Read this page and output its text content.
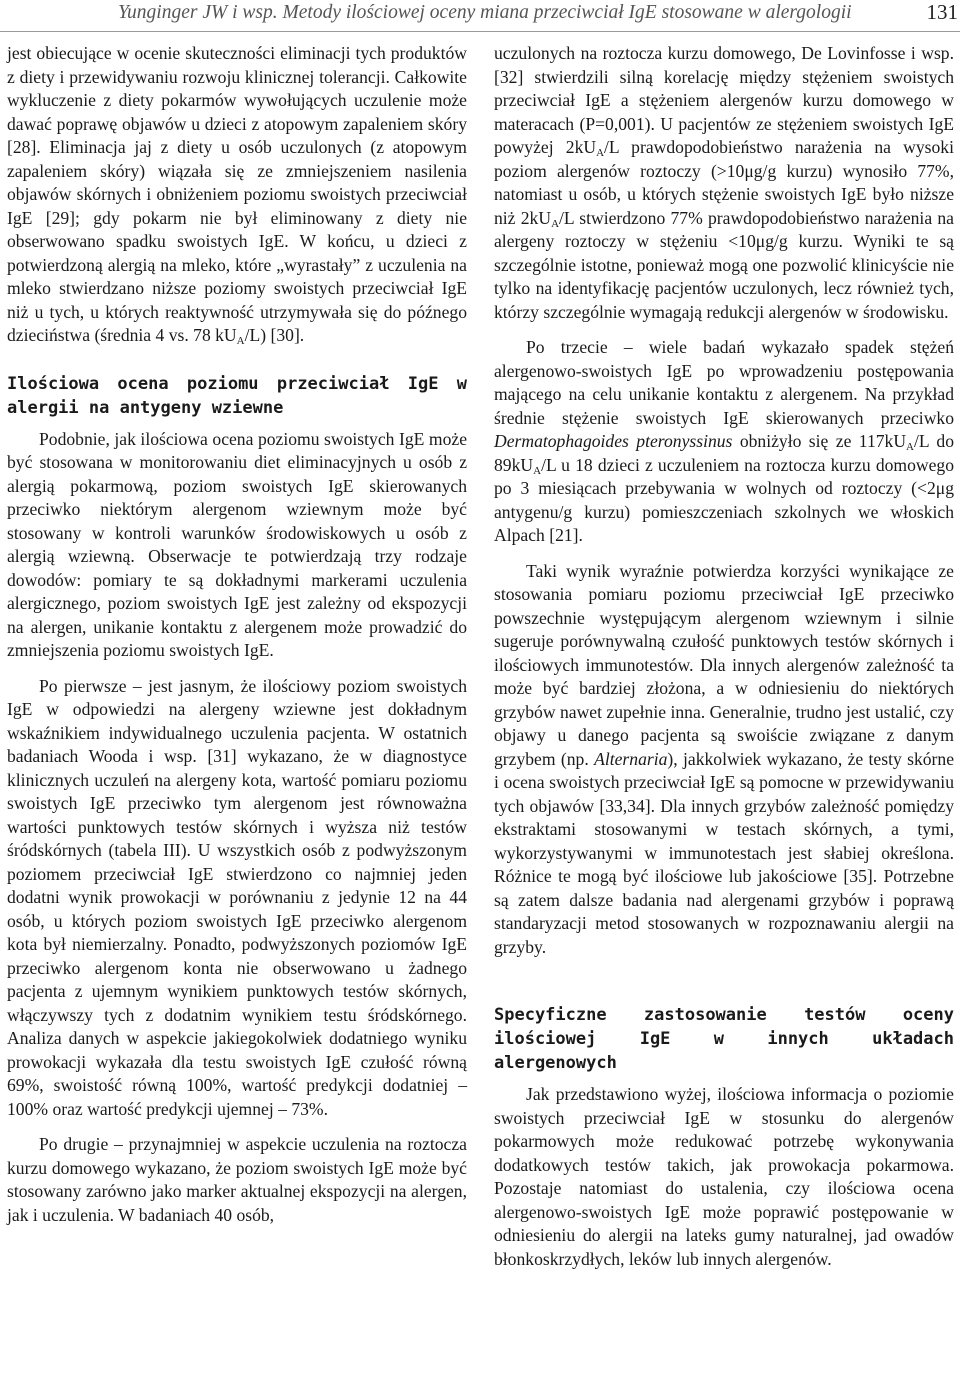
Yunginger JW i wsp. Metody ilościowej oceny miana przeciwciał IgE stosowane w alergologii	131

jest obiecujące w ocenie skuteczności eliminacji tych produktów z diety i przewidywaniu rozwoju klinicznej tolerancji. Całkowite wykluczenie z diety pokarmów wywołujących uczulenie może dawać poprawę objawów u dzieci z atopowym zapaleniem skóry [28]. Eliminacja jaj z diety u osób uczulonych (z atopowym zapaleniem skóry) wiązała się ze zmniejszeniem nasilenia objawów skórnych i obniżeniem poziomu swoistych przeciwciał IgE [29]; gdy pokarm nie był eliminowany z diety nie obserwowano spadku swoistych IgE. W końcu, u dzieci z potwierdzoną alergią na mleko, które „wyrastały” z uczulenia na mleko stwierdzano niższe poziomy swoistych przeciwciał IgE niż u tych, u których reaktywność utrzymywała się do późnego dzieciństwa (średnia 4 vs. 78 $kU_A/L$) [30].

Ilościowa ocena poziomu przeciwciał IgE w alergii na antygeny wziewne

Podobnie, jak ilościowa ocena poziomu swoistych IgE może być stosowana w monitorowaniu diet eliminacyjnych u osób z alergią pokarmową, poziom swoistych IgE skierowanych przeciwko niektórym alergenom wziewnym może być stosowany w kontroli warunków środowiskowych u osób z alergią wziewną. Obserwacje te potwierdzają trzy rodzaje dowodów: pomiary te są dokładnymi markerami uczulenia alergicznego, poziom swoistych IgE jest zależny od ekspozycji na alergen, unikanie kontaktu z alergenem może prowadzić do zmniejszenia poziomu swoistych IgE.

Po pierwsze – jest jasnym, że ilościowy poziom swoistych IgE w odpowiedzi na alergeny wziewne jest dokładnym wskaźnikiem indywidualnego uczulenia pacjenta. W ostatnich badaniach Wooda i wsp. [31] wykazano, że w diagnostyce klinicznych uczuleń na alergeny kota, wartość pomiaru poziomu swoistych IgE przeciwko tym alergenom jest równoważna wartości punktowych testów skórnych i wyższa niż testów śródskórnych (tabela III). U wszystkich osób z podwyższonym poziomem przeciwciał IgE stwierdzono co najmniej jeden dodatni wynik prowokacji w porównaniu z jedynie 12 na 44 osób, u których poziom swoistych IgE przeciwko alergenom kota był niemierzalny. Ponadto, podwyższonych poziomów IgE przeciwko alergenom konta nie obserwowano u żadnego pacjenta z ujemnym wynikiem punktowych testów skórnych, włączywszy tych z dodatnim wynikiem testu śródskórnego. Analiza danych w aspekcie jakiegokolwiek dodatniego wyniku prowokacji wykazała dla testu swoistych IgE czułość równą 69%, swoistość równą 100%, wartość predykcji dodatniej – 100% oraz wartość predykcji ujemnej – 73%.

Po drugie – przynajmniej w aspekcie uczulenia na roztocza kurzu domowego wykazano, że poziom swoistych IgE może być stosowany zarówno jako marker aktualnej ekspozycji na alergen, jak i uczulenia. W badaniach 40 osób,

uczulonych na roztocza kurzu domowego, De Lovinfosse i wsp. [32] stwierdzili silną korelację między stężeniem swoistych przeciwciał IgE a stężeniem alergenów kurzu domowego w materacach (P=0,001). U pacjentów ze stężeniem swoistych IgE powyżej $2kU_A/L$ prawdopodobieństwo narażenia na wysoki poziom alergenów roztoczy (>10μg/g kurzu) wynosiło 77%, natomiast u osób, u których stężenie swoistych IgE było niższe niż $2kU_A/L$ stwierdzono 77% prawdopodobieństwo narażenia na alergeny roztoczy w stężeniu <10μg/g kurzu. Wyniki te są szczególnie istotne, ponieważ mogą one pozwolić klinicyście nie tylko na identyfikację pacjentów uczulonych, lecz również tych, którzy szczególnie wymagają redukcji alergenów w środowisku.

Po trzecie – wiele badań wykazało spadek stężeń alergenowo-swoistych IgE po wprowadzeniu postępowania mającego na celu unikanie kontaktu z alergenem. Na przykład średnie stężenie swoistych IgE skierowanych przeciwko Dermatophagoides pteronyssinus obniżyło się ze $117kU_A/L$ do $89kU_A/L$ u 18 dzieci z uczuleniem na roztocza kurzu domowego po 3 miesiącach przebywania w wolnych od roztoczy (<2μg antygenu/g kurzu) pomieszczeniach szkolnych we włoskich Alpach [21].

Taki wynik wyraźnie potwierdza korzyści wynikające ze stosowania pomiaru poziomu przeciwciał IgE przeciwko powszechnie występującym alergenom wziewnym i silnie sugeruje porównywalną czułość punktowych testów skórnych i ilościowych immunotestów. Dla innych alergenów zależność ta może być bardziej złożona, a w odniesieniu do niektórych grzybów nawet zupełnie inna. Generalnie, trudno jest ustalić, czy objawy u danego pacjenta są swoiście związane z danym grzybem (np. Alternaria), jakkolwiek wykazano, że testy skórne i ocena swoistych przeciwciał IgE są pomocne w przewidywaniu tych objawów [33,34]. Dla innych grzybów zależność pomiędzy ekstraktami stosowanymi w testach skórnych, a tymi, wykorzystywanymi w immunotestach jest słabiej określona. Różnice te mogą być ilościowe lub jakościowe [35]. Potrzebne są zatem dalsze badania nad alergenami grzybów i poprawą standaryzacji metod stosowanych w rozpoznawaniu alergii na grzyby.

Specyficzne zastosowanie testów oceny ilościowej IgE w innych układach alergenowych

Jak przedstawiono wyżej, ilościowa informacja o poziomie swoistych przeciwciał IgE w stosunku do alergenów pokarmowych może redukować potrzebę wykonywania dodatkowych testów takich, jak prowokacja pokarmowa. Pozostaje natomiast do ustalenia, czy ilościowa ocena alergenowo-swoistych IgE może poprawić postępowanie w odniesieniu do alergii na lateks gumy naturalnej, jad owadów błonkoskrzydłych, leków lub innych alergenów.
